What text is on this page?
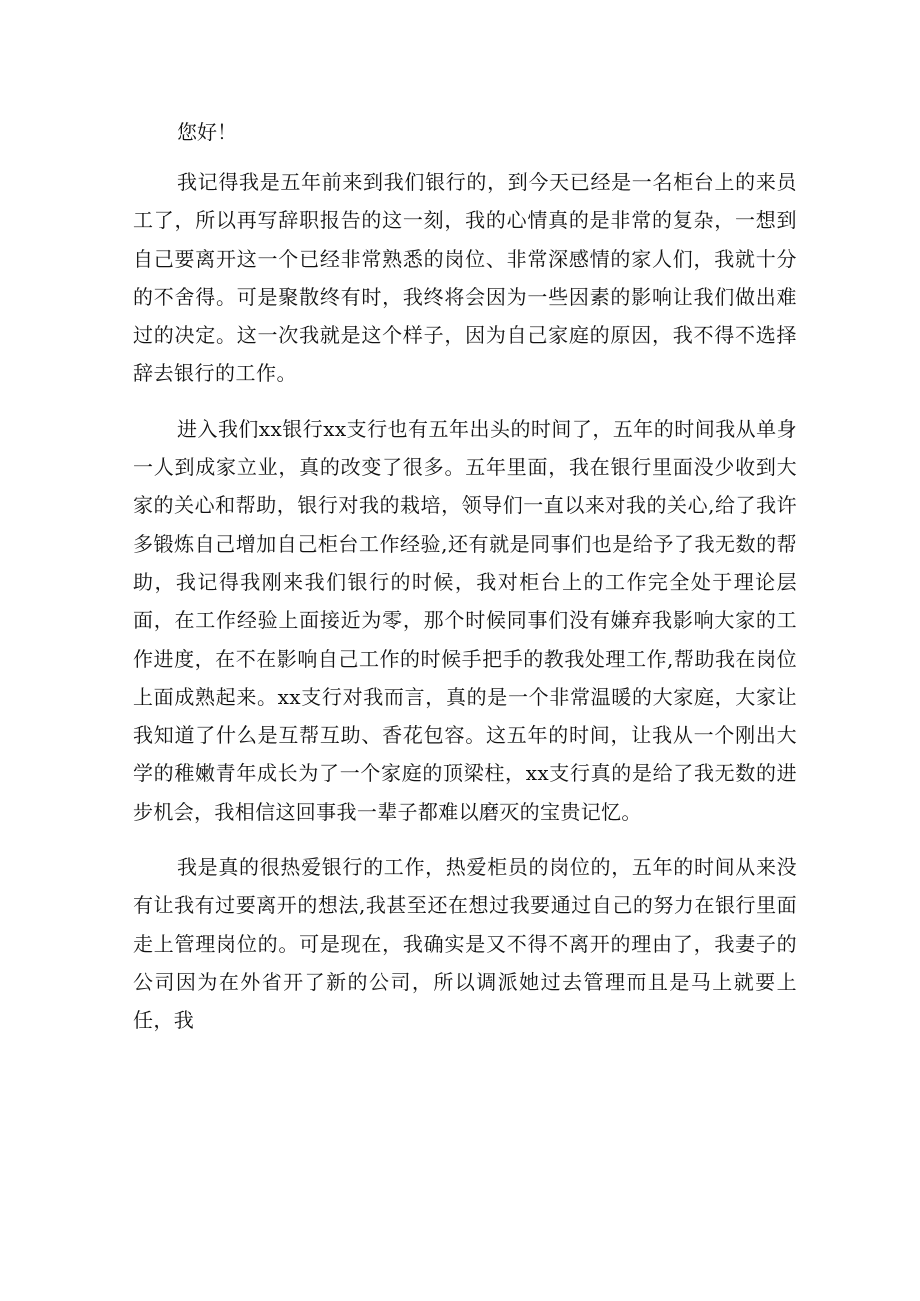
您好！

我记得我是五年前来到我们银行的，到今天已经是一名柜台上的来员工了，所以再写辞职报告的这一刻，我的心情真的是非常的复杂，一想到自己要离开这一个已经非常熟悉的岗位、非常深感情的家人们，我就十分的不舍得。可是聚散终有时，我终将会因为一些因素的影响让我们做出难过的决定。这一次我就是这个样子，因为自己家庭的原因，我不得不选择辞去银行的工作。

进入我们xx银行xx支行也有五年出头的时间了，五年的时间我从单身一人到成家立业，真的改变了很多。五年里面，我在银行里面没少收到大家的关心和帮助，银行对我的栽培，领导们一直以来对我的关心,给了我许多锻炼自己增加自己柜台工作经验,还有就是同事们也是给予了我无数的帮助，我记得我刚来我们银行的时候，我对柜台上的工作完全处于理论层面，在工作经验上面接近为零，那个时候同事们没有嫌弃我影响大家的工作进度，在不在影响自己工作的时候手把手的教我处理工作,帮助我在岗位上面成熟起来。xx支行对我而言，真的是一个非常温暖的大家庭，大家让我知道了什么是互帮互助、香花包容。这五年的时间，让我从一个刚出大学的稚嫩青年成长为了一个家庭的顶梁柱，xx支行真的是给了我无数的进步机会，我相信这回事我一辈子都难以磨灭的宝贵记忆。

我是真的很热爱银行的工作，热爱柜员的岗位的，五年的时间从来没有让我有过要离开的想法,我甚至还在想过我要通过自己的努力在银行里面走上管理岗位的。可是现在，我确实是又不得不离开的理由了，我妻子的公司因为在外省开了新的公司，所以调派她过去管理而且是马上就要上任，我
